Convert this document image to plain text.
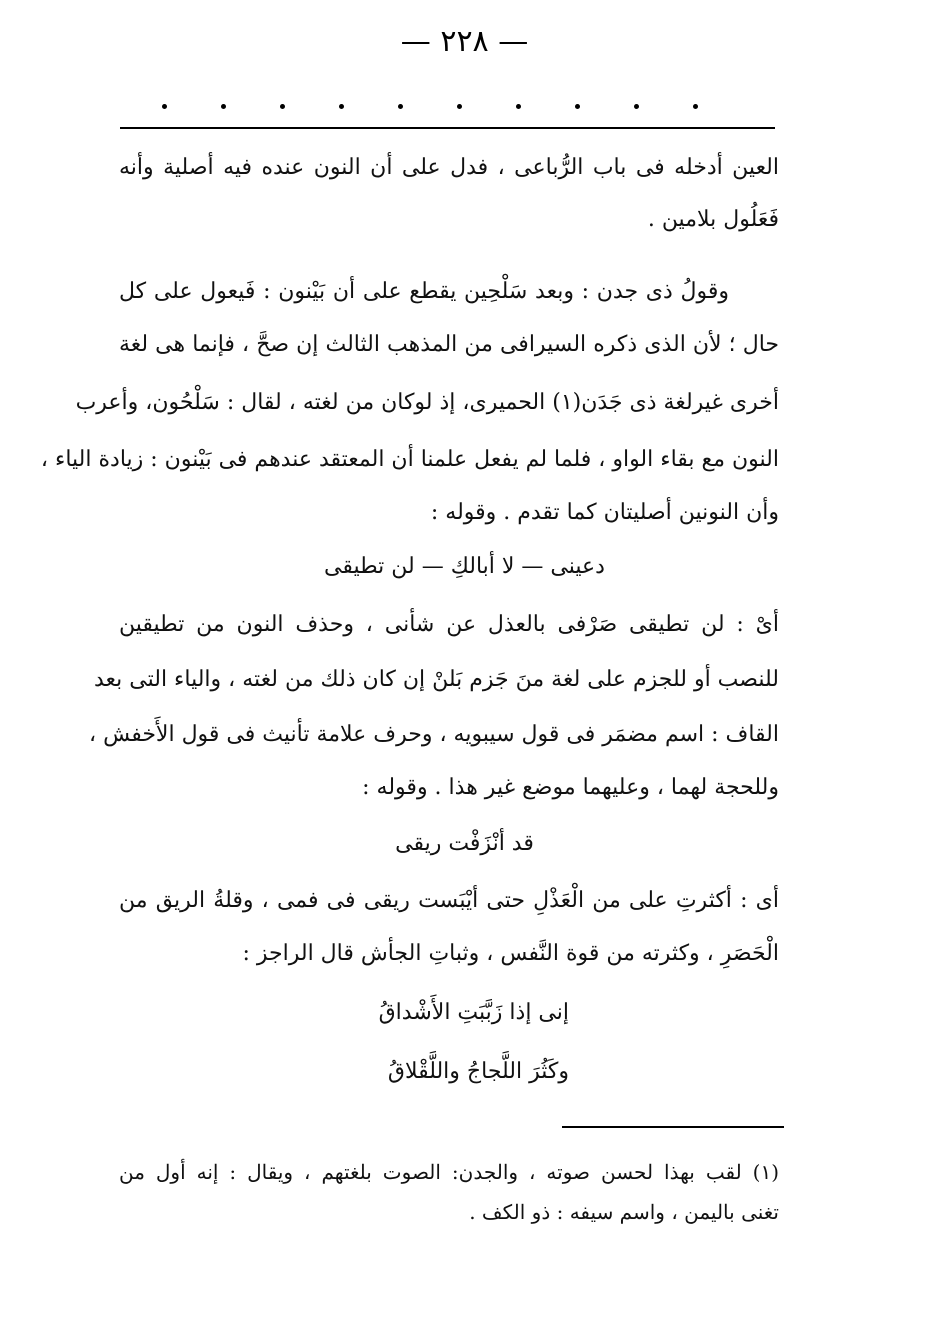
— ٢٢٨ —
العين أدخله فى باب الرُّباعى ، فدل على أن النون عنده فيه أصلية وأنه
فَعَلُول بلامين .
وقولُ ذى جدن : وبعد سَلْحِين يقطع على أن بَيْنون : فَيعول على كل
حال ؛ لأن الذى ذكره السيرافى من المذهب الثالث إن صحَّ ، فإنما هى لغة
أخرى غيرلغة ذى جَدَن(١) الحميرى، إذ لوكان من لغته ، لقال : سَلْحُون، وأعرب
النون مع بقاء الواو ، فلما لم يفعل علمنا أن المعتقد عندهم فى بَيْنون : زيادة الياء ،
وأن النونين أصليتان كما تقدم . وقوله :
دعينى — لا أبالكِ — لن تطيقى
أىْ : لن تطيقى صَرْفى بالعذل عن شأنى ، وحذف النون من تطيقين
للنصب أو للجزم على لغة منَ جَزم بَلنْ إن كان ذلك من لغته ، والياء التى بعد
القاف : اسم مضمَر فى قول سيبويه ، وحرف علامة تأنيث فى قول الأَخفش ،
وللحجة لهما ، وعليهما موضع غير هذا . وقوله :
قد أنْزَفْت ريقى
أى : أكثرتِ على من الْعَذْلِ حتى أيْبَست ريقى فى فمى ، وقلةُ الريق من
الْحَصَرِ ، وكثرته من قوة النَّفس ، وثباتِ الجأش قال الراجز :
إنى إذا زَبَّبَتِ الأَشْداقُ
وكَثُرَ اللَّجاجُ واللَّقْلاقُ
(١) لقب بهذا لحسن صوته ، والجدن: الصوت بلغتهم ، ويقال : إنه أول من
تغنى باليمن ، واسم سيفه : ذو الكف .
